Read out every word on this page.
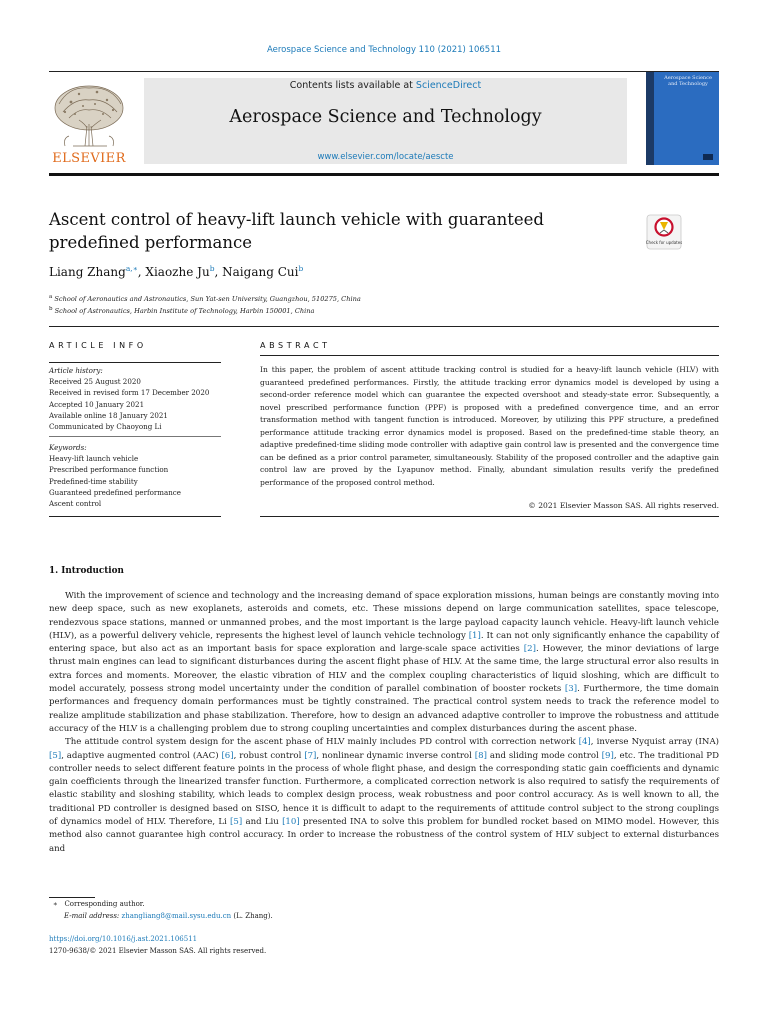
Aerospace Science and Technology 110 (2021) 106511
ELSEVIER
Contents lists available at ScienceDirect
Aerospace Science and Technology
www.elsevier.com/locate/aescte
Aerospace Science and Technology
Ascent control of heavy-lift launch vehicle with guaranteed predefined performance	Check for updates
Liang Zhang$^{a,∗}$, Xiaozhe Ju$^b$, Naigang Cui$^b$
$^a$ School of Aeronautics and Astronautics, Sun Yat-sen University, Guangzhou, 510275, China
$^b$ School of Astronautics, Harbin Institute of Technology, Harbin 150001, China
ARTICLE INFO	ABSTRACT
Article history:
Received 25 August 2020
Received in revised form 17 December 2020
Accepted 10 January 2021
Available online 18 January 2021
Communicated by Chaoyong Li
Keywords:
Heavy-lift launch vehicle
Prescribed performance function
Predefined-time stability
Guaranteed predefined performance
Ascent control
In this paper, the problem of ascent attitude tracking control is studied for a heavy-lift launch vehicle (HLV) with guaranteed predefined performances. Firstly, the attitude tracking error dynamics model is developed by using a second-order reference model which can guarantee the expected overshoot and steady-state error. Subsequently, a novel prescribed performance function (PPF) is proposed with a predefined convergence time, and an error transformation method with tangent function is introduced. Moreover, by utilizing this PPF structure, a predefined performance attitude tracking error dynamics model is proposed. Based on the predefined-time stable theory, an adaptive predefined-time sliding mode controller with adaptive gain control law is presented and the convergence time can be defined as a prior control parameter, simultaneously. Stability of the proposed controller and the adaptive gain control law are proved by the Lyapunov method. Finally, abundant simulation results verify the predefined performance of the proposed control method.
© 2021 Elsevier Masson SAS. All rights reserved.
1. Introduction

With the improvement of science and technology and the increasing demand of space exploration missions, human beings are constantly moving into new deep space, such as new exoplanets, asteroids and comets, etc. These missions depend on large communication satellites, space telescope, rendezvous space stations, manned or unmanned probes, and the most important is the large payload capacity launch vehicle. Heavy-lift launch vehicle (HLV), as a powerful delivery vehicle, represents the highest level of launch vehicle technology [1]. It can not only significantly enhance the capability of entering space, but also act as an important basis for space exploration and large-scale space activities [2]. However, the minor deviations of large thrust main engines can lead to significant disturbances during the ascent flight phase of HLV. At the same time, the large structural error also results in extra forces and moments. Moreover, the elastic vibration of HLV and the complex coupling characteristics of liquid sloshing, which are difficult to model accurately, possess strong model uncertainty under the condition of parallel combination of booster rockets [3]. Furthermore, the time domain performances and frequency domain performances must be tightly constrained. The practical control system needs to track the reference model to realize amplitude stabilization and phase stabilization. Therefore, how to design an advanced adaptive controller to improve the robustness and attitude accuracy of the HLV is a challenging problem due to strong coupling uncertainties and complex disturbances during the ascent phase.

The attitude control system design for the ascent phase of HLV mainly includes PD control with correction network [4], inverse Nyquist array (INA) [5], adaptive augmented control (AAC) [6], robust control [7], nonlinear dynamic inverse control [8] and sliding mode control [9], etc. The traditional PD controller needs to select different feature points in the process of whole flight phase, and design the corresponding static gain coefficients and dynamic gain coefficients through the linearized transfer function. Furthermore, a complicated correction network is also required to satisfy the requirements of elastic stability and sloshing stability, which leads to complex design process, weak robustness and poor control accuracy. As is well known to all, the traditional PD controller is designed based on SISO, hence it is difficult to adapt to the requirements of attitude control subject to the strong couplings of dynamics model of HLV. Therefore, Li [5] and Liu [10] presented INA to solve this problem for bundled rocket based on MIMO model. However, this method also cannot guarantee high control accuracy. In order to increase the robustness of the control system of HLV subject to external disturbances and

∗ Corresponding author.
E-mail address: zhangliang8@mail.sysu.edu.cn (L. Zhang).
https://doi.org/10.1016/j.ast.2021.106511
1270-9638/© 2021 Elsevier Masson SAS. All rights reserved.
